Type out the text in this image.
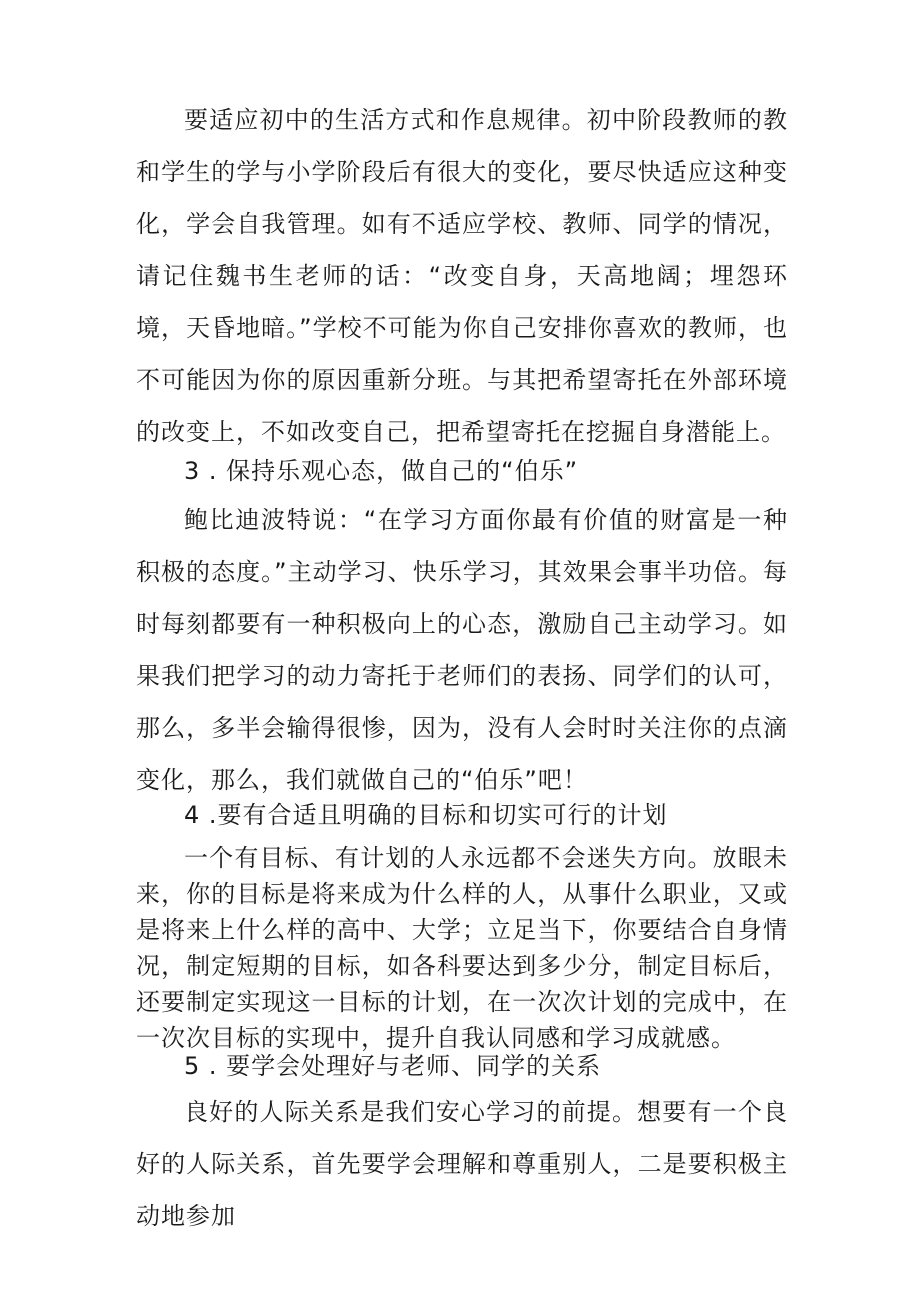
要适应初中的生活方式和作息规律。初中阶段教师的教和学生的学与小学阶段后有很大的变化，要尽快适应这种变化，学会自我管理。如有不适应学校、教师、同学的情况，请记住魏书生老师的话：“改变自身，天高地阔；埋怨环境，天昏地暗。”学校不可能为你自己安排你喜欢的教师，也不可能因为你的原因重新分班。与其把希望寄托在外部环境的改变上，不如改变自己，把希望寄托在挖掘自身潜能上。

3 . 保持乐观心态，做自己的“伯乐”

鲍比迪波特说：“在学习方面你最有价值的财富是一种积极的态度。”主动学习、快乐学习，其效果会事半功倍。每时每刻都要有一种积极向上的心态，激励自己主动学习。如果我们把学习的动力寄托于老师们的表扬、同学们的认可，那么，多半会输得很惨，因为，没有人会时时关注你的点滴变化，那么，我们就做自己的“伯乐”吧！

4 .要有合适且明确的目标和切实可行的计划

一个有目标、有计划的人永远都不会迷失方向。放眼未来，你的目标是将来成为什么样的人，从事什么职业，又或是将来上什么样的高中、大学；立足当下，你要结合自身情况，制定短期的目标，如各科要达到多少分，制定目标后，还要制定实现这一目标的计划，在一次次计划的完成中，在一次次目标的实现中，提升自我认同感和学习成就感。

5 . 要学会处理好与老师、同学的关系

良好的人际关系是我们安心学习的前提。想要有一个良好的人际关系，首先要学会理解和尊重别人，二是要积极主动地参加
